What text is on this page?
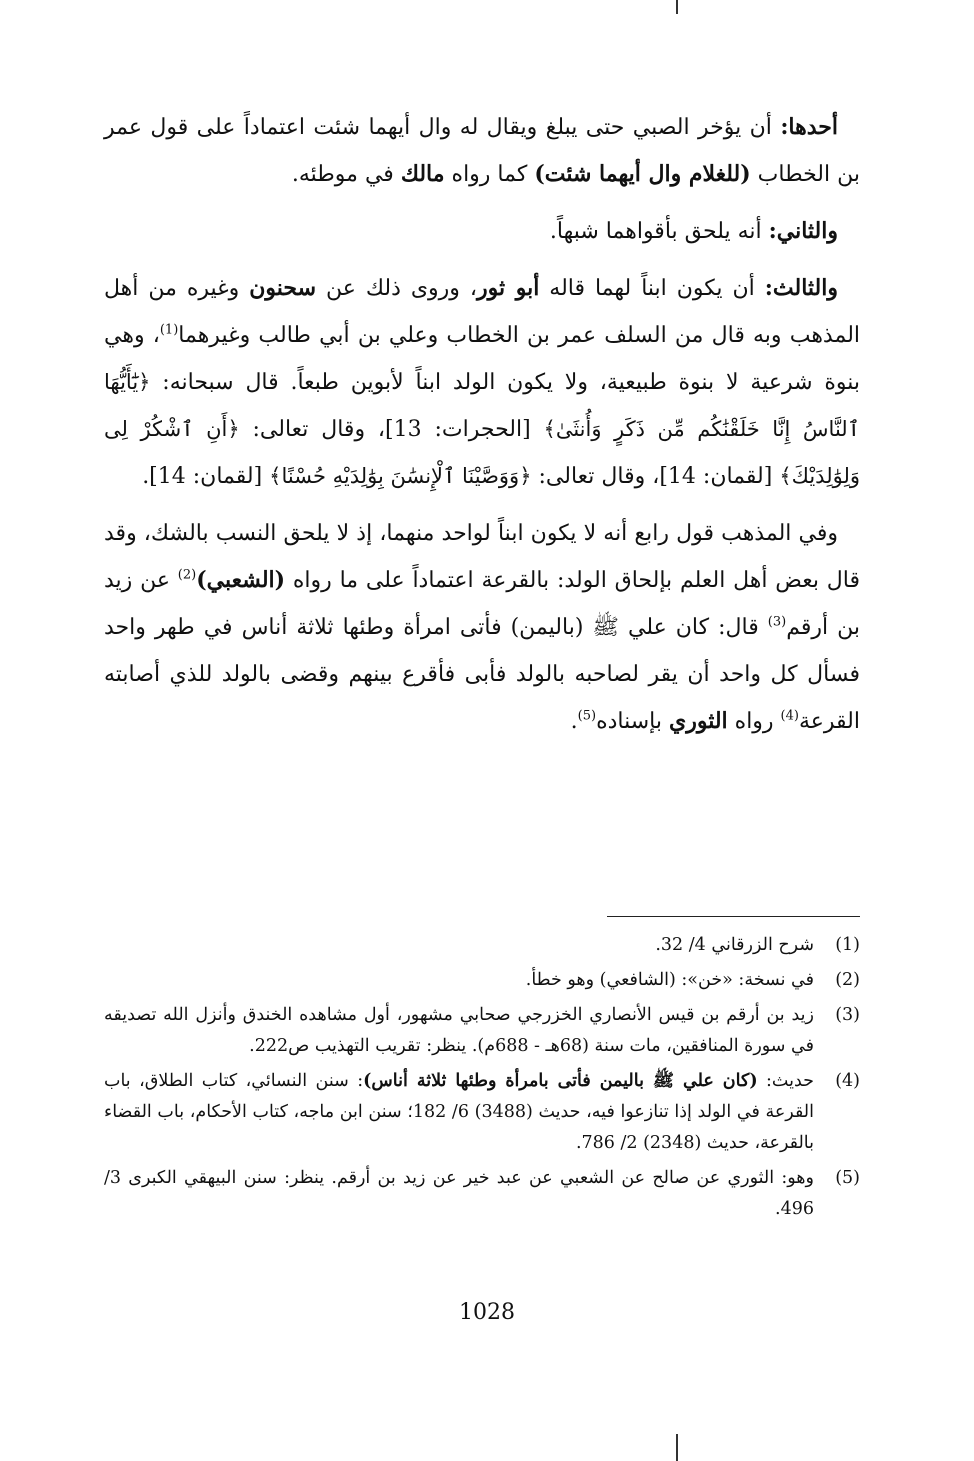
أحدها: أن يؤخر الصبي حتى يبلغ ويقال له وال أيهما شئت اعتماداً على قول عمر بن الخطاب (للغلام وال أيهما شئت) كما رواه مالك في موطئه.

والثاني: أنه يلحق بأقواهما شبهاً.

والثالث: أن يكون ابناً لهما قاله أبو ثور، وروى ذلك عن سحنون وغيره من أهل المذهب وبه قال من السلف عمر بن الخطاب وعلي بن أبي طالب وغيرهما$^{(1)}$، وهي بنوة شرعية لا بنوة طبيعية، ولا يكون الولد ابناً لأبوين طبعاً. قال سبحانه: ﴿يَٰٓأَيُّهَا ٱلنَّاسُ إِنَّا خَلَقْنَٰكُم مِّن ذَكَرٍ وَأُنثَىٰ﴾ [الحجرات: 13]، وقال تعالى: ﴿أَنِ ٱشْكُرْ لِى وَلِوَٰلِدَيْكَ﴾ [لقمان: 14]، وقال تعالى: ﴿وَوَصَّيْنَا ٱلْإِنسَٰنَ بِوَٰلِدَيْهِ حُسْنًا﴾ [لقمان: 14].

وفي المذهب قول رابع أنه لا يكون ابناً لواحد منهما، إذ لا يلحق النسب بالشك، وقد قال بعض أهل العلم بإلحاق الولد: بالقرعة اعتماداً على ما رواه (الشعبي)$^{(2)}$ عن زيد بن أرقم$^{(3)}$ قال: كان علي ﷺ (باليمن) فأتى امرأة وطئها ثلاثة أناس في طهر واحد فسأل كل واحد أن يقر لصاحبه بالولد فأبى فأقرع بينهم وقضى بالولد للذي أصابته القرعة$^{(4)}$ رواه الثوري بإسناده$^{(5)}$.

(1)
شرح الزرقاني 4/ 32.
(2)
في نسخة: «خن»: (الشافعي) وهو خطأ.
(3)
زيد بن أرقم بن قيس الأنصاري الخزرجي صحابي مشهور، أول مشاهده الخندق وأنزل الله تصديقه في سورة المنافقين، مات سنة (68هـ - 688م). ينظر: تقريب التهذيب ص222.
(4)
حديث: (كان علي ﷺ باليمن فأتى بامرأة وطئها ثلاثة أناس): سنن النسائي، كتاب الطلاق، باب القرعة في الولد إذا تنازعوا فيه، حديث (3488) 6/ 182؛ سنن ابن ماجه، كتاب الأحكام، باب القضاء بالقرعة، حديث (2348) 2/ 786.
(5)
وهو: الثوري عن صالح عن الشعبي عن عبد خير عن زيد بن أرقم. ينظر: سنن البيهقي الكبرى 3/ 496.
1028
